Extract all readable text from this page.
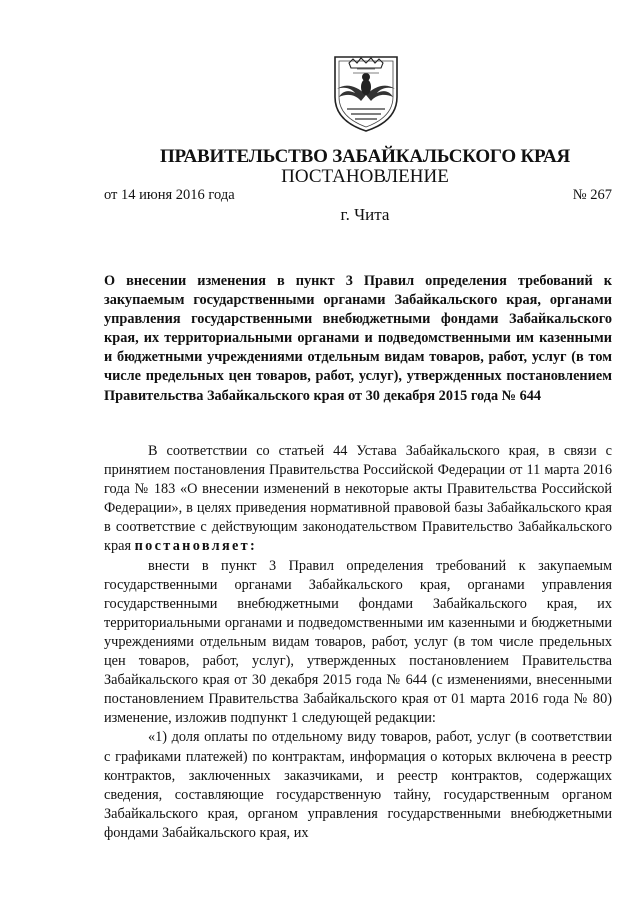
ПРАВИТЕЛЬСТВО ЗАБАЙКАЛЬСКОГО КРАЯ
ПОСТАНОВЛЕНИЕ
от 14 июня 2016 года	№ 267
г. Чита

О внесении изменения в пункт 3 Правил определения требований к закупаемым государственными органами Забайкальского края, органами управления государственными внебюджетными фондами Забайкальского края, их территориальными органами и подведомственными им казенными и бюджетными учреждениями отдельным видам товаров, работ, услуг (в том числе предельных цен товаров, работ, услуг), утвержденных постановлением Правительства Забайкальского края от 30 декабря 2015 года № 644

В соответствии со статьей 44 Устава Забайкальского края, в связи с принятием постановления Правительства Российской Федерации от 11 марта 2016 года № 183 «О внесении изменений в некоторые акты Правительства Российской Федерации», в целях приведения нормативной правовой базы Забайкальского края в соответствие с действующим законодательством Правительство Забайкальского края постановляет:

внести в пункт 3 Правил определения требований к закупаемым государственными органами Забайкальского края, органами управления государственными внебюджетными фондами Забайкальского края, их территориальными органами и подведомственными им казенными и бюджетными учреждениями отдельным видам товаров, работ, услуг (в том числе предельных цен товаров, работ, услуг), утвержденных постановлением Правительства Забайкальского края от 30 декабря 2015 года № 644 (с изменениями, внесенными постановлением Правительства Забайкальского края от 01 марта 2016 года № 80) изменение, изложив подпункт 1 следующей редакции:

«1) доля оплаты по отдельному виду товаров, работ, услуг (в соответствии с графиками платежей) по контрактам, информация о которых включена в реестр контрактов, заключенных заказчиками, и реестр контрактов, содержащих сведения, составляющие государственную тайну, государственным органом Забайкальского края, органом управления государственными внебюджетными фондами Забайкальского края, их
